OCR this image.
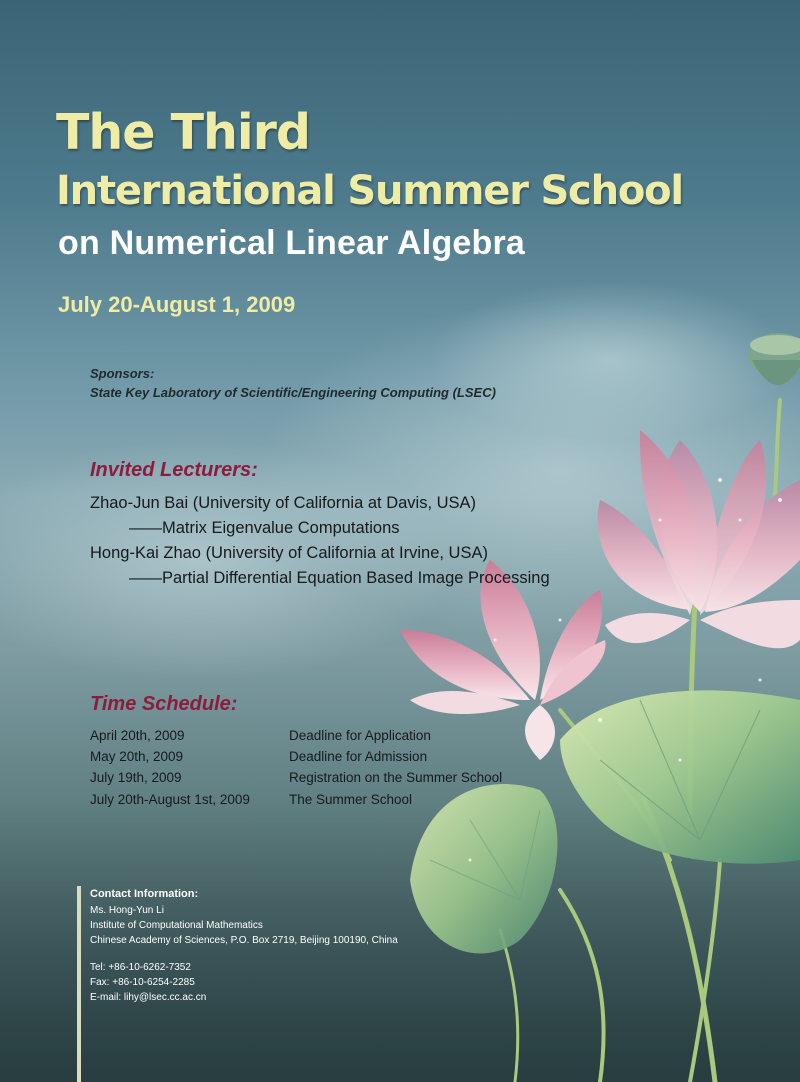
The Third
International Summer School
on Numerical Linear Algebra
July 20-August 1, 2009
Sponsors:
State Key Laboratory of Scientific/Engineering Computing (LSEC)
Invited Lecturers:
Zhao-Jun Bai (University of California at Davis, USA)
——Matrix Eigenvalue Computations
Hong-Kai Zhao (University of California at Irvine, USA)
——Partial Differential Equation Based Image Processing
Time Schedule:
April 20th, 2009	Deadline for Application
May 20th, 2009	Deadline for Admission
July 19th, 2009	Registration on the Summer School
July 20th-August 1st, 2009	The Summer School
Contact Information:
Ms. Hong-Yun Li
Institute of Computational Mathematics
Chinese Academy of Sciences, P.O. Box 2719, Beijing 100190, China
Tel: +86-10-6262-7352
Fax: +86-10-6254-2285
E-mail: lihy@lsec.cc.ac.cn
